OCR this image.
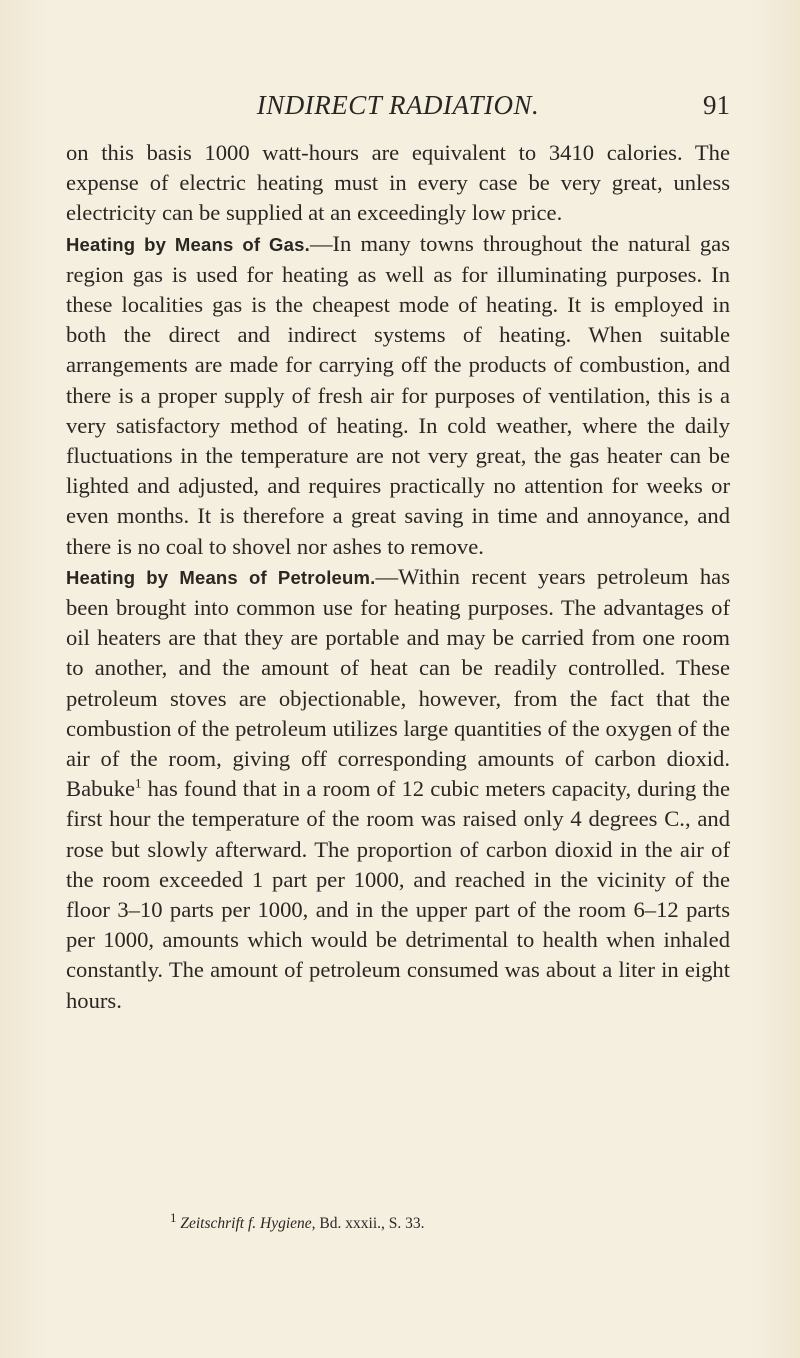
INDIRECT RADIATION.	91

on this basis 1000 watt-hours are equivalent to 3410 calories. The expense of electric heating must in every case be very great, unless electricity can be supplied at an exceedingly low price.

Heating by Means of Gas.—In many towns throughout the natural gas region gas is used for heating as well as for illuminating purposes. In these localities gas is the cheapest mode of heating. It is employed in both the direct and indirect systems of heating. When suitable arrangements are made for carrying off the products of combustion, and there is a proper supply of fresh air for purposes of ventilation, this is a very satisfactory method of heating. In cold weather, where the daily fluctuations in the temperature are not very great, the gas heater can be lighted and adjusted, and requires practically no attention for weeks or even months. It is therefore a great saving in time and annoyance, and there is no coal to shovel nor ashes to remove.

Heating by Means of Petroleum.—Within recent years petroleum has been brought into common use for heating purposes. The advantages of oil heaters are that they are portable and may be carried from one room to another, and the amount of heat can be readily controlled. These petroleum stoves are objectionable, however, from the fact that the combustion of the petroleum utilizes large quantities of the oxygen of the air of the room, giving off corresponding amounts of carbon dioxid. Babuke$^1$ has found that in a room of 12 cubic meters capacity, during the first hour the temperature of the room was raised only 4 degrees C., and rose but slowly afterward. The proportion of carbon dioxid in the air of the room exceeded 1 part per 1000, and reached in the vicinity of the floor 3–10 parts per 1000, and in the upper part of the room 6–12 parts per 1000, amounts which would be detrimental to health when inhaled constantly. The amount of petroleum consumed was about a liter in eight hours.

$^1$ Zeitschrift f. Hygiene, Bd. xxxii., S. 33.
